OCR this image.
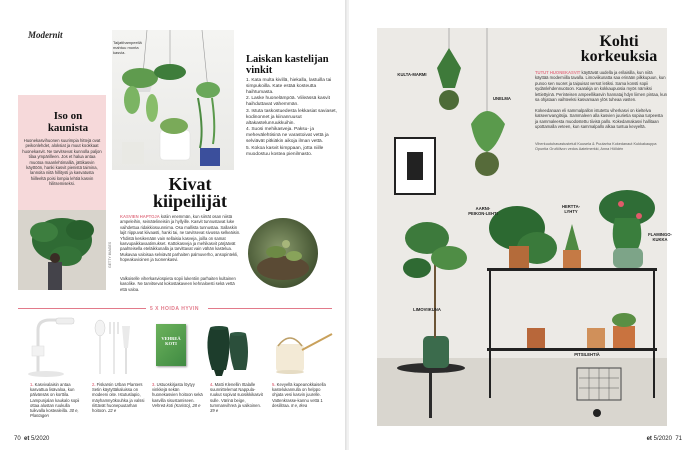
Modernit
Taijatihampeellä mahtuu monta kasvia.
Iso on kaunista
Huonekasvihuonen suurimpia hittejä ovat peikonlehdet, aloksiat ja muut kookkaat huonekasvit. Ne tarvitsevat kunnolla paljon tilaa ympärilleen. Jos et halua antaa muotoa maanlehtimalliä, jättikasvin käyttöön, hanki kasvit pienistä taimina, lannoita niitä hillitysti ja kasvatusta hiilleeltä poisi lompia lehtiä kasvin hilitsemiseksi.
GETTY IMAGES
Laiskan kastelijan vinkit
1. Kata multa kivillä, hiekalla, lastuilla tai simpukoilla. Kate estää kosteutta haihtumasta.
2. Laske huonelämpöä. Viileässä kasvit haihduttavat vähemmän.
3. Istuta taskostuedesta lekkasiat saviaset, kodinonnet ja kiinanruusut altakastelunruukkuihin.
4. Suosi mehikasveja. Paksu- ja mehevälehtisinä ne varastoivat vettä ja selviävät pitkiäkin aikoja ilman vettä.
5. Kokoa kasvit kimppaan, jotta niille muodostuu kostea pienilmasto.
Kivat kiipeilijät
KASVIEN HAPTOJA kotiin enemmän, kun siirrät osan niistä ampeleihin, seinätelineisiin ja hyllyille. Kasvit tunnustavat luke vaihdettua ridakkiosuunnima. Osa mallista tunnustaa. Sallaskin lajit riippuvat kiivaasti, hanki tai, ne tarvitsevat sivussa selkeäisin. Yhdistä kesikenään vain sellaisia kasveja, joilla on samat kasvupaikkavaatimukset. Kattokasveja ja mehikasvit pärjäävät paahteisella eteläikkunalla ja tarvittavat vain vähän kastelua. Mukavaa valoisaa selviävät parhaiten palmuverho, ansopintekli, hopeakuvioinen ja tuonenkasvi.
Valkoiselle viherkasviospieta sopii lukentiin parhaiten kultainen kasolike. Ne tarvitsevat kokostakaveen kehnaloesti sekä vettä että valoa.
5 X HOIDA HYVIN
VEHREÄ KOTI
1. Kasvivalaisin antaa kasvattua lisävaloa, kun pälvänsäs on korttila. Lampunjalan kaukalo sopii ottaa alustan ruukulla tuikvalla kostealeilla. 30 e, Plantagen
2. Fiskarsin Urban Planters Setin käytyttäkaluissa on modeeni oite. Istutuslapio, mäyhamnyökouhka ja valssi riittävät huonepuutarhan hoitoon. 22 e
3. Ustuoskirjasta löytyy vinkkejä sekän huonekasvien hoitoon sekä kasvilla sisustamiseen. Vehreä koti (Karisto), 28 e
4. Matti Klenellin Ittalalle suunnittelemat Nappula-ruukut sopivat suosikkikasvit sulle. Värinä beige, tummanvihreä ja valkoinen. 39 e
5. Kevyellä kapeanokkaisella kastelukannulla on helppo ohjata vesi kasvin juurelle. Vattenkrasse-kannu vettä 1 desilitraa. 8 e, Ikea
70 et 5/2020
KULTA-MARMI
UNELMA
AARNI-PEIKON-LEHTI
HERTTA-LYHTY
FLAMINGO-KUKKA
LIMOVIIKUNA
PITSILEHTIÄ
Kohti korkeuksia
TUTUT HUONEKASVIT käyttävät uudella ja erilaisilla, kun niitä käyttää moderniilla tavalla. Limoviikunatta saa erinään pilkkupuun, kun punoo sen nuoret ja taipuisat versot letiksi. Sama konsti sopii sydänlehdennuotoon. Kaarakja on kokkaupuosia myös nämiksi lettiettyinä. Perinteisen ampeellikasvin hannataj hdyn liimen pintaa, kun sa ohjataan vaihteeksi kasvamaan ylös tuheaa vasten.
Kokeedanaan eli sammalpallon istutettu viherkasvi on kieltelva katseenvangitsija. Sammaleen alla kasvien juurietia sopiaa turpeesta ja sammaleesta muodostettu tiivisä pallo. Kokedamakasvi hallitaan upottamalla veteen, kun sammalpallo alkaa tuntua kevyeltä.
Viherkuutuhavastustetuil Kuusela & Puutarha Kokedanaut Kukkakauppa Opuntia Gruföllvon vedos Aatelmerkki, Anna Hölldén
et 5/2020 71
